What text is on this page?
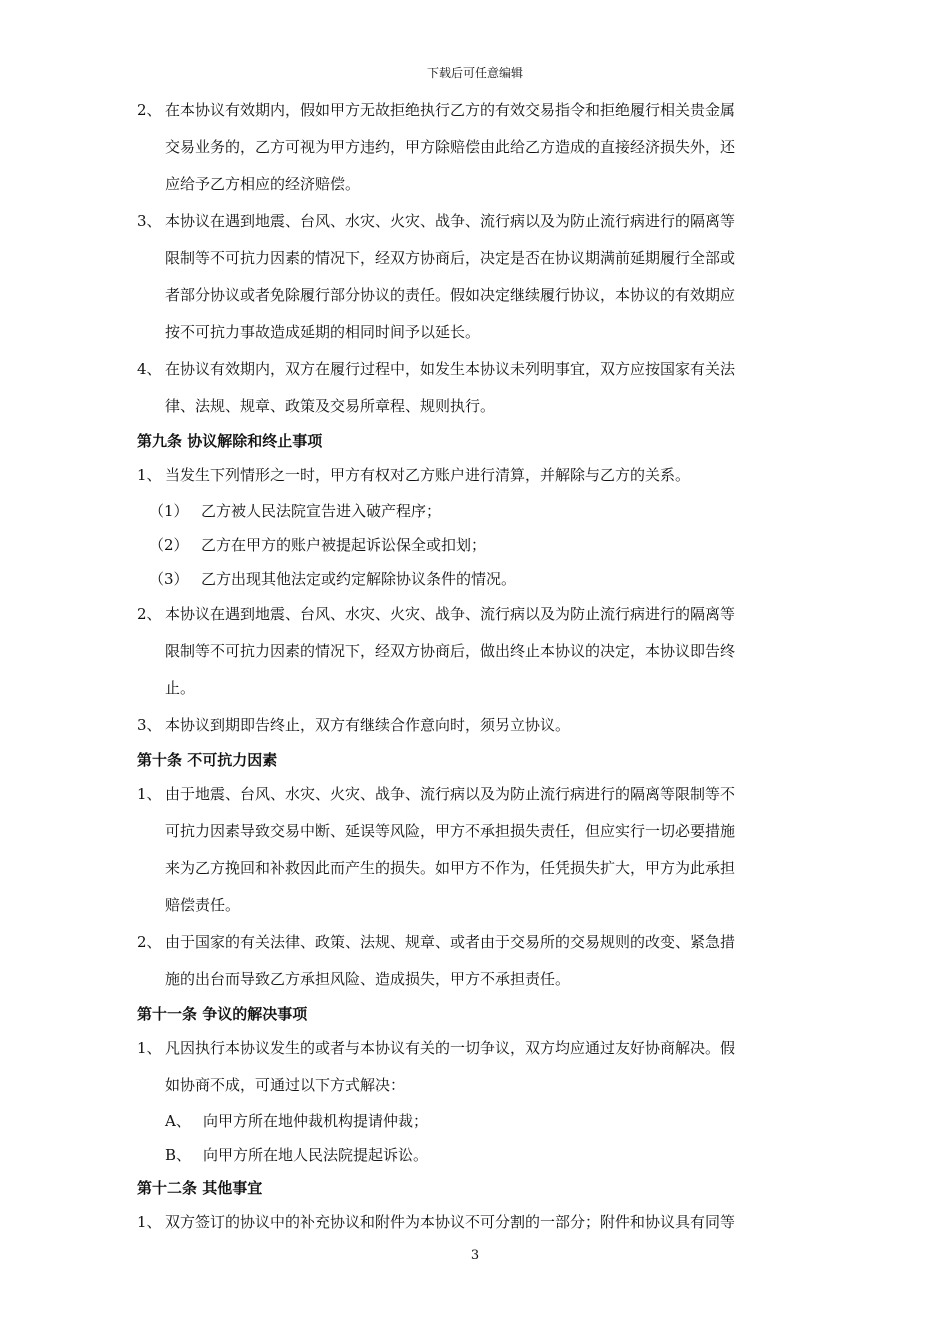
下载后可任意编辑
2、 在本协议有效期内，假如甲方无故拒绝执行乙方的有效交易指令和拒绝履行相关贵金属
交易业务的，乙方可视为甲方违约，甲方除赔偿由此给乙方造成的直接经济损失外，还
应给予乙方相应的经济赔偿。
3、 本协议在遇到地震、台风、水灾、火灾、战争、流行病以及为防止流行病进行的隔离等
限制等不可抗力因素的情况下，经双方协商后，决定是否在协议期满前延期履行全部或
者部分协议或者免除履行部分协议的责任。假如决定继续履行协议，本协议的有效期应
按不可抗力事故造成延期的相同时间予以延长。
4、 在协议有效期内，双方在履行过程中，如发生本协议未列明事宜，双方应按国家有关法
律、法规、规章、政策及交易所章程、规则执行。
第九条 协议解除和终止事项
1、 当发生下列情形之一时，甲方有权对乙方账户进行清算，并解除与乙方的关系。
（1） 乙方被人民法院宣告进入破产程序；
（2） 乙方在甲方的账户被提起诉讼保全或扣划；
（3） 乙方出现其他法定或约定解除协议条件的情况。
2、 本协议在遇到地震、台风、水灾、火灾、战争、流行病以及为防止流行病进行的隔离等
限制等不可抗力因素的情况下，经双方协商后，做出终止本协议的决定，本协议即告终
止。
3、 本协议到期即告终止，双方有继续合作意向时，须另立协议。
第十条 不可抗力因素
1、 由于地震、台风、水灾、火灾、战争、流行病以及为防止流行病进行的隔离等限制等不
可抗力因素导致交易中断、延误等风险，甲方不承担损失责任，但应实行一切必要措施
来为乙方挽回和补救因此而产生的损失。如甲方不作为，任凭损失扩大，甲方为此承担
赔偿责任。
2、 由于国家的有关法律、政策、法规、规章、或者由于交易所的交易规则的改变、紧急措
施的出台而导致乙方承担风险、造成损失，甲方不承担责任。
第十一条 争议的解决事项
1、 凡因执行本协议发生的或者与本协议有关的一切争议，双方均应通过友好协商解决。假
如协商不成，可通过以下方式解决：
A、 向甲方所在地仲裁机构提请仲裁；
B、 向甲方所在地人民法院提起诉讼。
第十二条 其他事宜
1、 双方签订的协议中的补充协议和附件为本协议不可分割的一部分；附件和协议具有同等
3
